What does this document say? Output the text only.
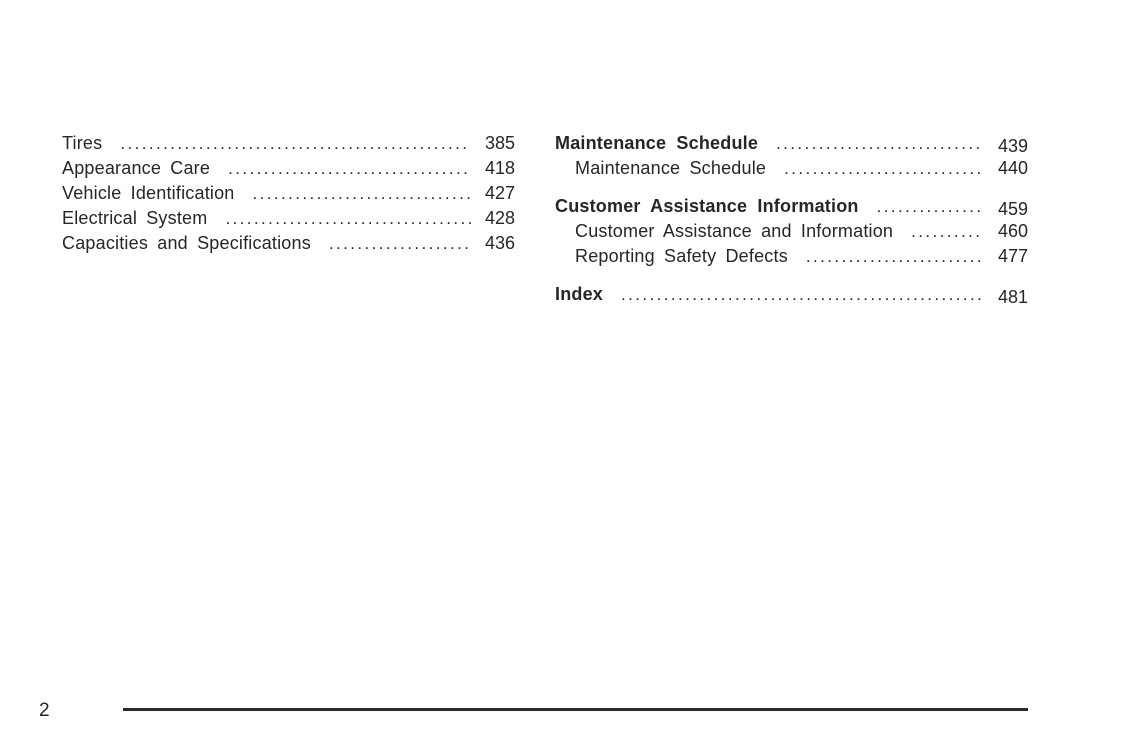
Tires .....	385
Appearance Care .....	418
Vehicle Identification .....	427
Electrical System .....	428
Capacities and Specifications .....	436
Maintenance Schedule .....	439
Maintenance Schedule .....	440
Customer Assistance Information .....	459
Customer Assistance and Information .....	460
Reporting Safety Defects .....	477
Index .....	481
2
